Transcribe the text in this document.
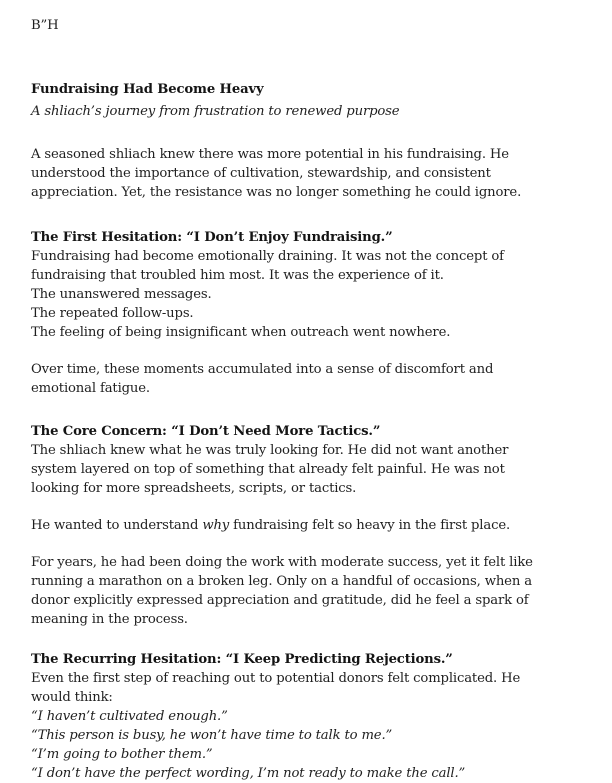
B”H
Fundraising Had Become Heavy
A shliach’s journey from frustration to renewed purpose
A seasoned shliach knew there was more potential in his fundraising. He
understood the importance of cultivation, stewardship, and consistent
appreciation. Yet, the resistance was no longer something he could ignore.
The First Hesitation: “I Don’t Enjoy Fundraising.”
Fundraising had become emotionally draining. It was not the concept of
fundraising that troubled him most. It was the experience of it.
The unanswered messages.
The repeated follow-ups.
The feeling of being insignificant when outreach went nowhere.
Over time, these moments accumulated into a sense of discomfort and
emotional fatigue.
The Core Concern: “I Don’t Need More Tactics.”
The shliach knew what he was truly looking for. He did not want another
system layered on top of something that already felt painful. He was not
looking for more spreadsheets, scripts, or tactics.
He wanted to understand why fundraising felt so heavy in the first place.
For years, he had been doing the work with moderate success, yet it felt like
running a marathon on a broken leg. Only on a handful of occasions, when a
donor explicitly expressed appreciation and gratitude, did he feel a spark of
meaning in the process.
The Recurring Hesitation: “I Keep Predicting Rejections.”
Even the first step of reaching out to potential donors felt complicated. He
would think:
“I haven’t cultivated enough.”
“This person is busy, he won’t have time to talk to me.”
“I’m going to bother them.”
“I don’t have the perfect wording, I’m not ready to make the call.”
